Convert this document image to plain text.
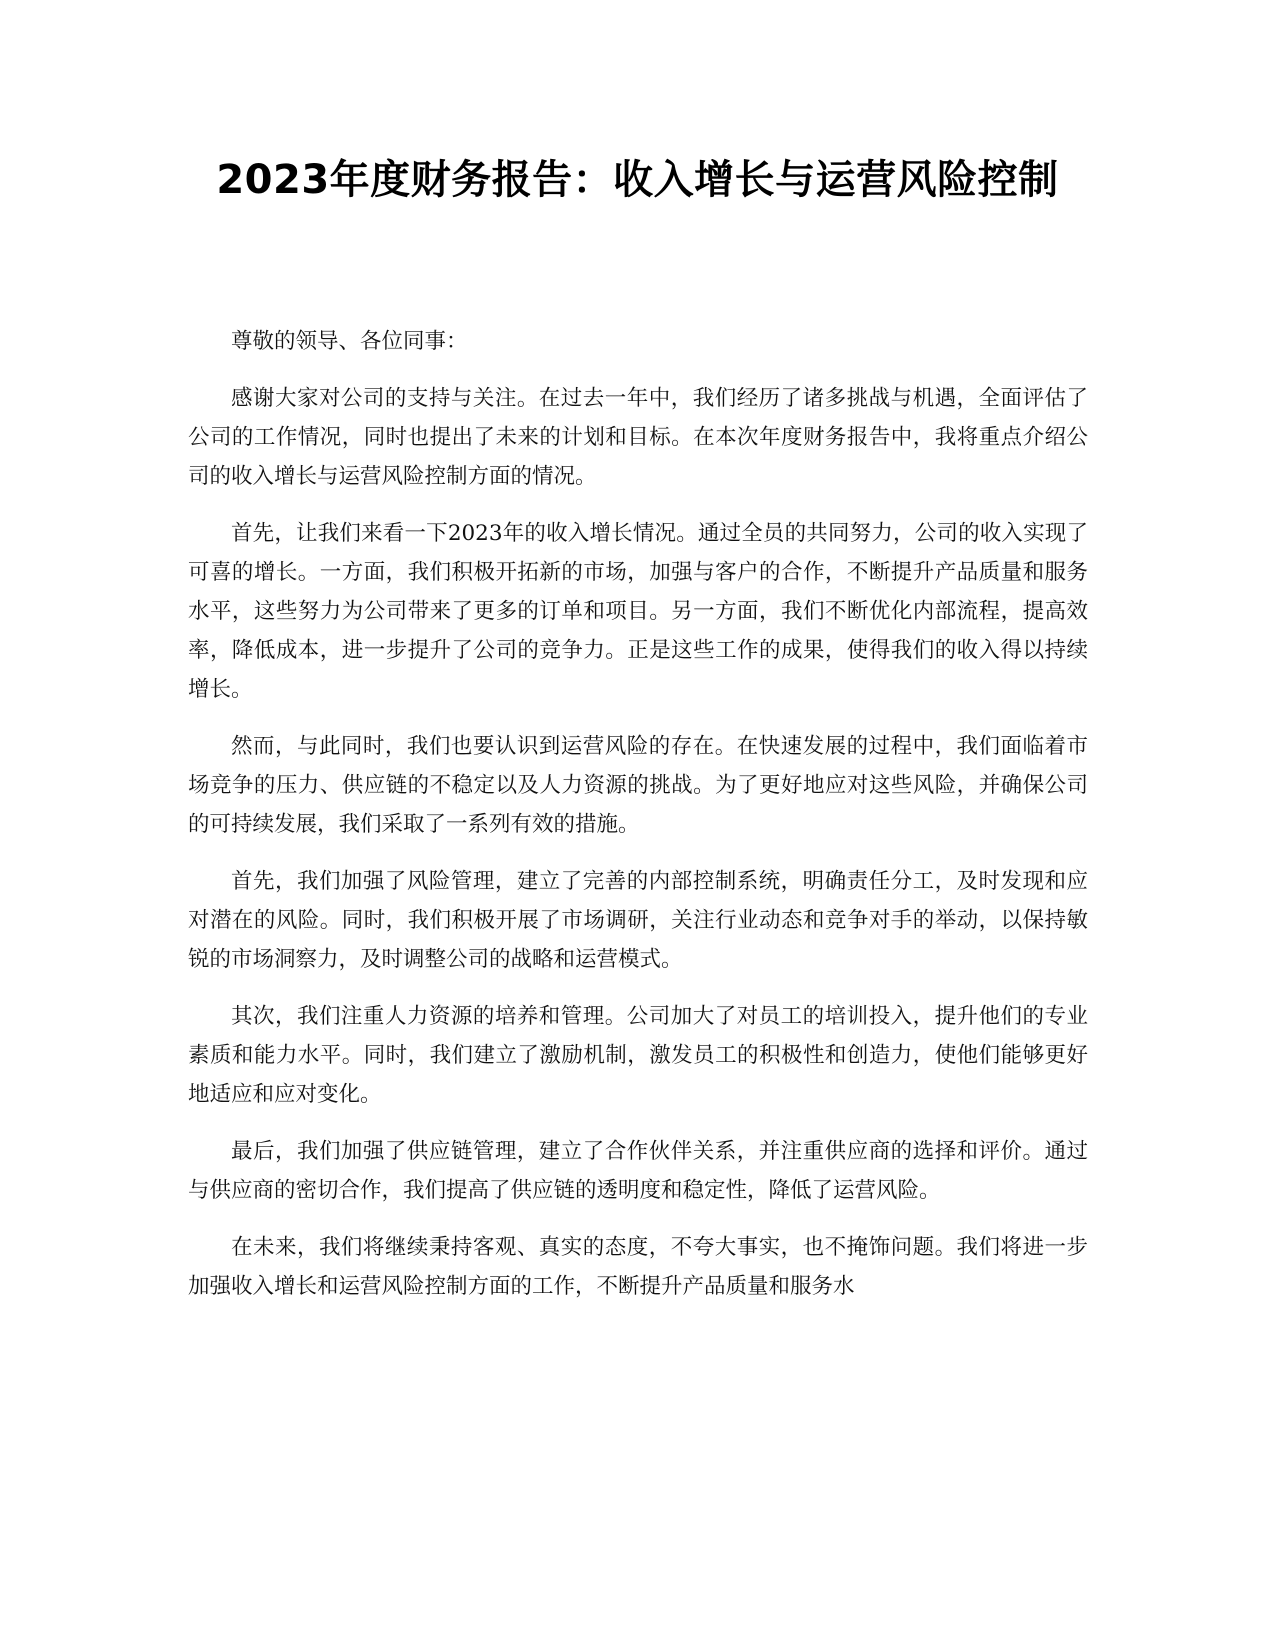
2023年度财务报告：收入增长与运营风险控制

尊敬的领导、各位同事：

感谢大家对公司的支持与关注。在过去一年中，我们经历了诸多挑战与机遇，全面评估了公司的工作情况，同时也提出了未来的计划和目标。在本次年度财务报告中，我将重点介绍公司的收入增长与运营风险控制方面的情况。

首先，让我们来看一下2023年的收入增长情况。通过全员的共同努力，公司的收入实现了可喜的增长。一方面，我们积极开拓新的市场，加强与客户的合作，不断提升产品质量和服务水平，这些努力为公司带来了更多的订单和项目。另一方面，我们不断优化内部流程，提高效率，降低成本，进一步提升了公司的竞争力。正是这些工作的成果，使得我们的收入得以持续增长。

然而，与此同时，我们也要认识到运营风险的存在。在快速发展的过程中，我们面临着市场竞争的压力、供应链的不稳定以及人力资源的挑战。为了更好地应对这些风险，并确保公司的可持续发展，我们采取了一系列有效的措施。

首先，我们加强了风险管理，建立了完善的内部控制系统，明确责任分工，及时发现和应对潜在的风险。同时，我们积极开展了市场调研，关注行业动态和竞争对手的举动，以保持敏锐的市场洞察力，及时调整公司的战略和运营模式。

其次，我们注重人力资源的培养和管理。公司加大了对员工的培训投入，提升他们的专业素质和能力水平。同时，我们建立了激励机制，激发员工的积极性和创造力，使他们能够更好地适应和应对变化。

最后，我们加强了供应链管理，建立了合作伙伴关系，并注重供应商的选择和评价。通过与供应商的密切合作，我们提高了供应链的透明度和稳定性，降低了运营风险。

在未来，我们将继续秉持客观、真实的态度，不夸大事实，也不掩饰问题。我们将进一步加强收入增长和运营风险控制方面的工作，不断提升产品质量和服务水
